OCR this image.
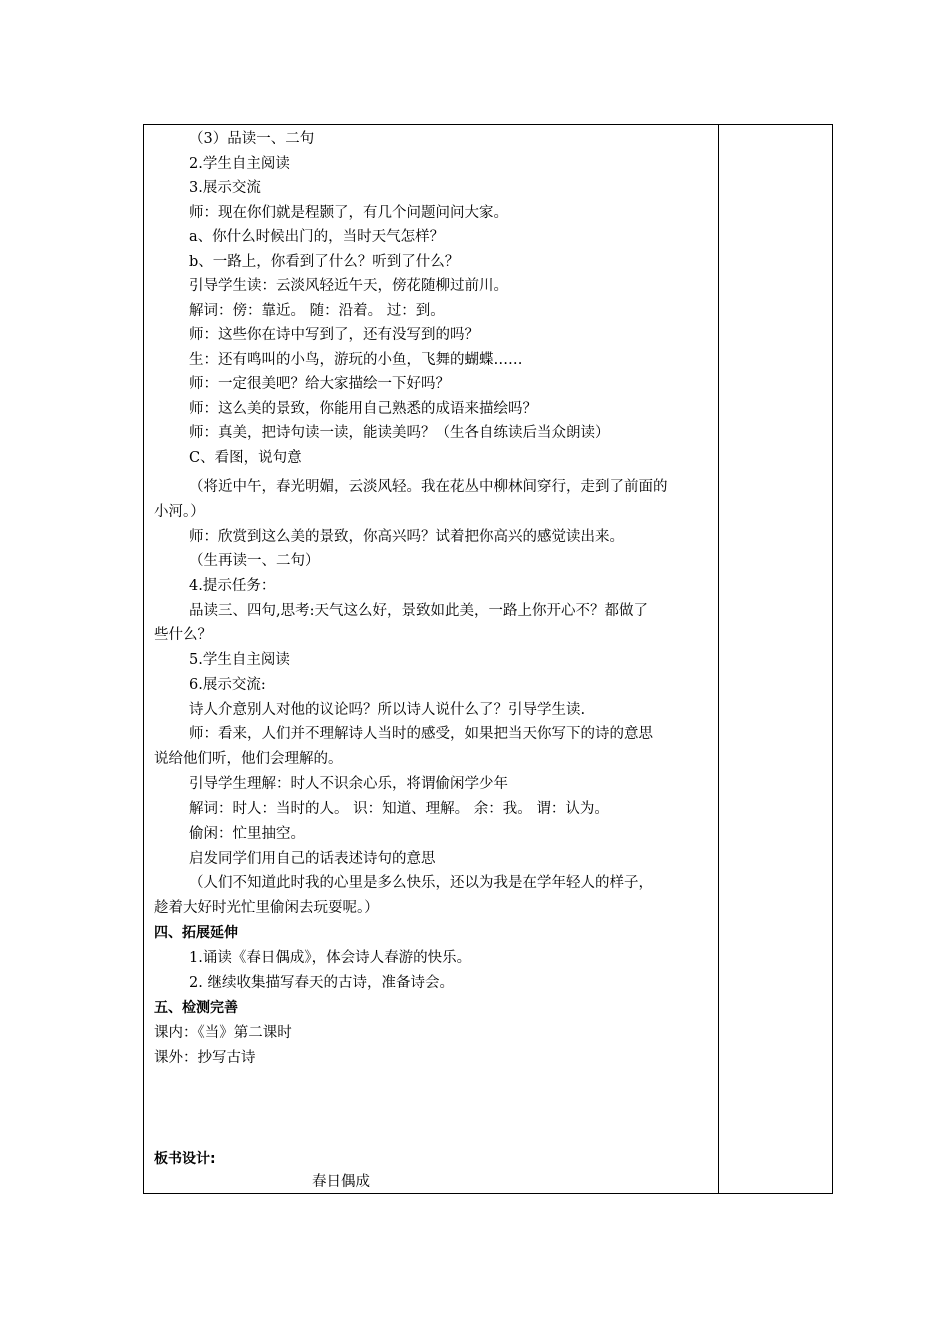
（3）品读一、二句
2.学生自主阅读
3.展示交流
师：现在你们就是程颢了，有几个问题问问大家。
a、你什么时候出门的，当时天气怎样？
b、一路上，你看到了什么？听到了什么？
引导学生读：云淡风轻近午天，傍花随柳过前川。
解词：傍：靠近。 随：沿着。 过：到。
师：这些你在诗中写到了，还有没写到的吗？
生：还有鸣叫的小鸟，游玩的小鱼，飞舞的蝴蝶……
师：一定很美吧？给大家描绘一下好吗？
师：这么美的景致，你能用自己熟悉的成语来描绘吗？
师：真美，把诗句读一读，能读美吗？（生各自练读后当众朗读）
C、看图，说句意
（将近中午，春光明媚，云淡风轻。我在花丛中柳林间穿行，走到了前面的
小河。）
师：欣赏到这么美的景致，你高兴吗？试着把你高兴的感觉读出来。
（生再读一、二句）
4.提示任务：
品读三、四句,思考:天气这么好，景致如此美，一路上你开心不？都做了
些什么？
5.学生自主阅读
6.展示交流:
诗人介意别人对他的议论吗？所以诗人说什么了？引导学生读.
师：看来，人们并不理解诗人当时的感受，如果把当天你写下的诗的意思
说给他们听，他们会理解的。
引导学生理解：时人不识余心乐，将谓偷闲学少年
解词：时人：当时的人。 识：知道、理解。 余：我。 谓：认为。
偷闲：忙里抽空。
启发同学们用自己的话表述诗句的意思
（人们不知道此时我的心里是多么快乐，还以为我是在学年轻人的样子，
趁着大好时光忙里偷闲去玩耍呢。）
四、拓展延伸
1.诵读《春日偶成》，体会诗人春游的快乐。
2. 继续收集描写春天的古诗，准备诗会。
五、检测完善
课内：《当》第二课时
课外：抄写古诗
板书设计:
春日偶成
